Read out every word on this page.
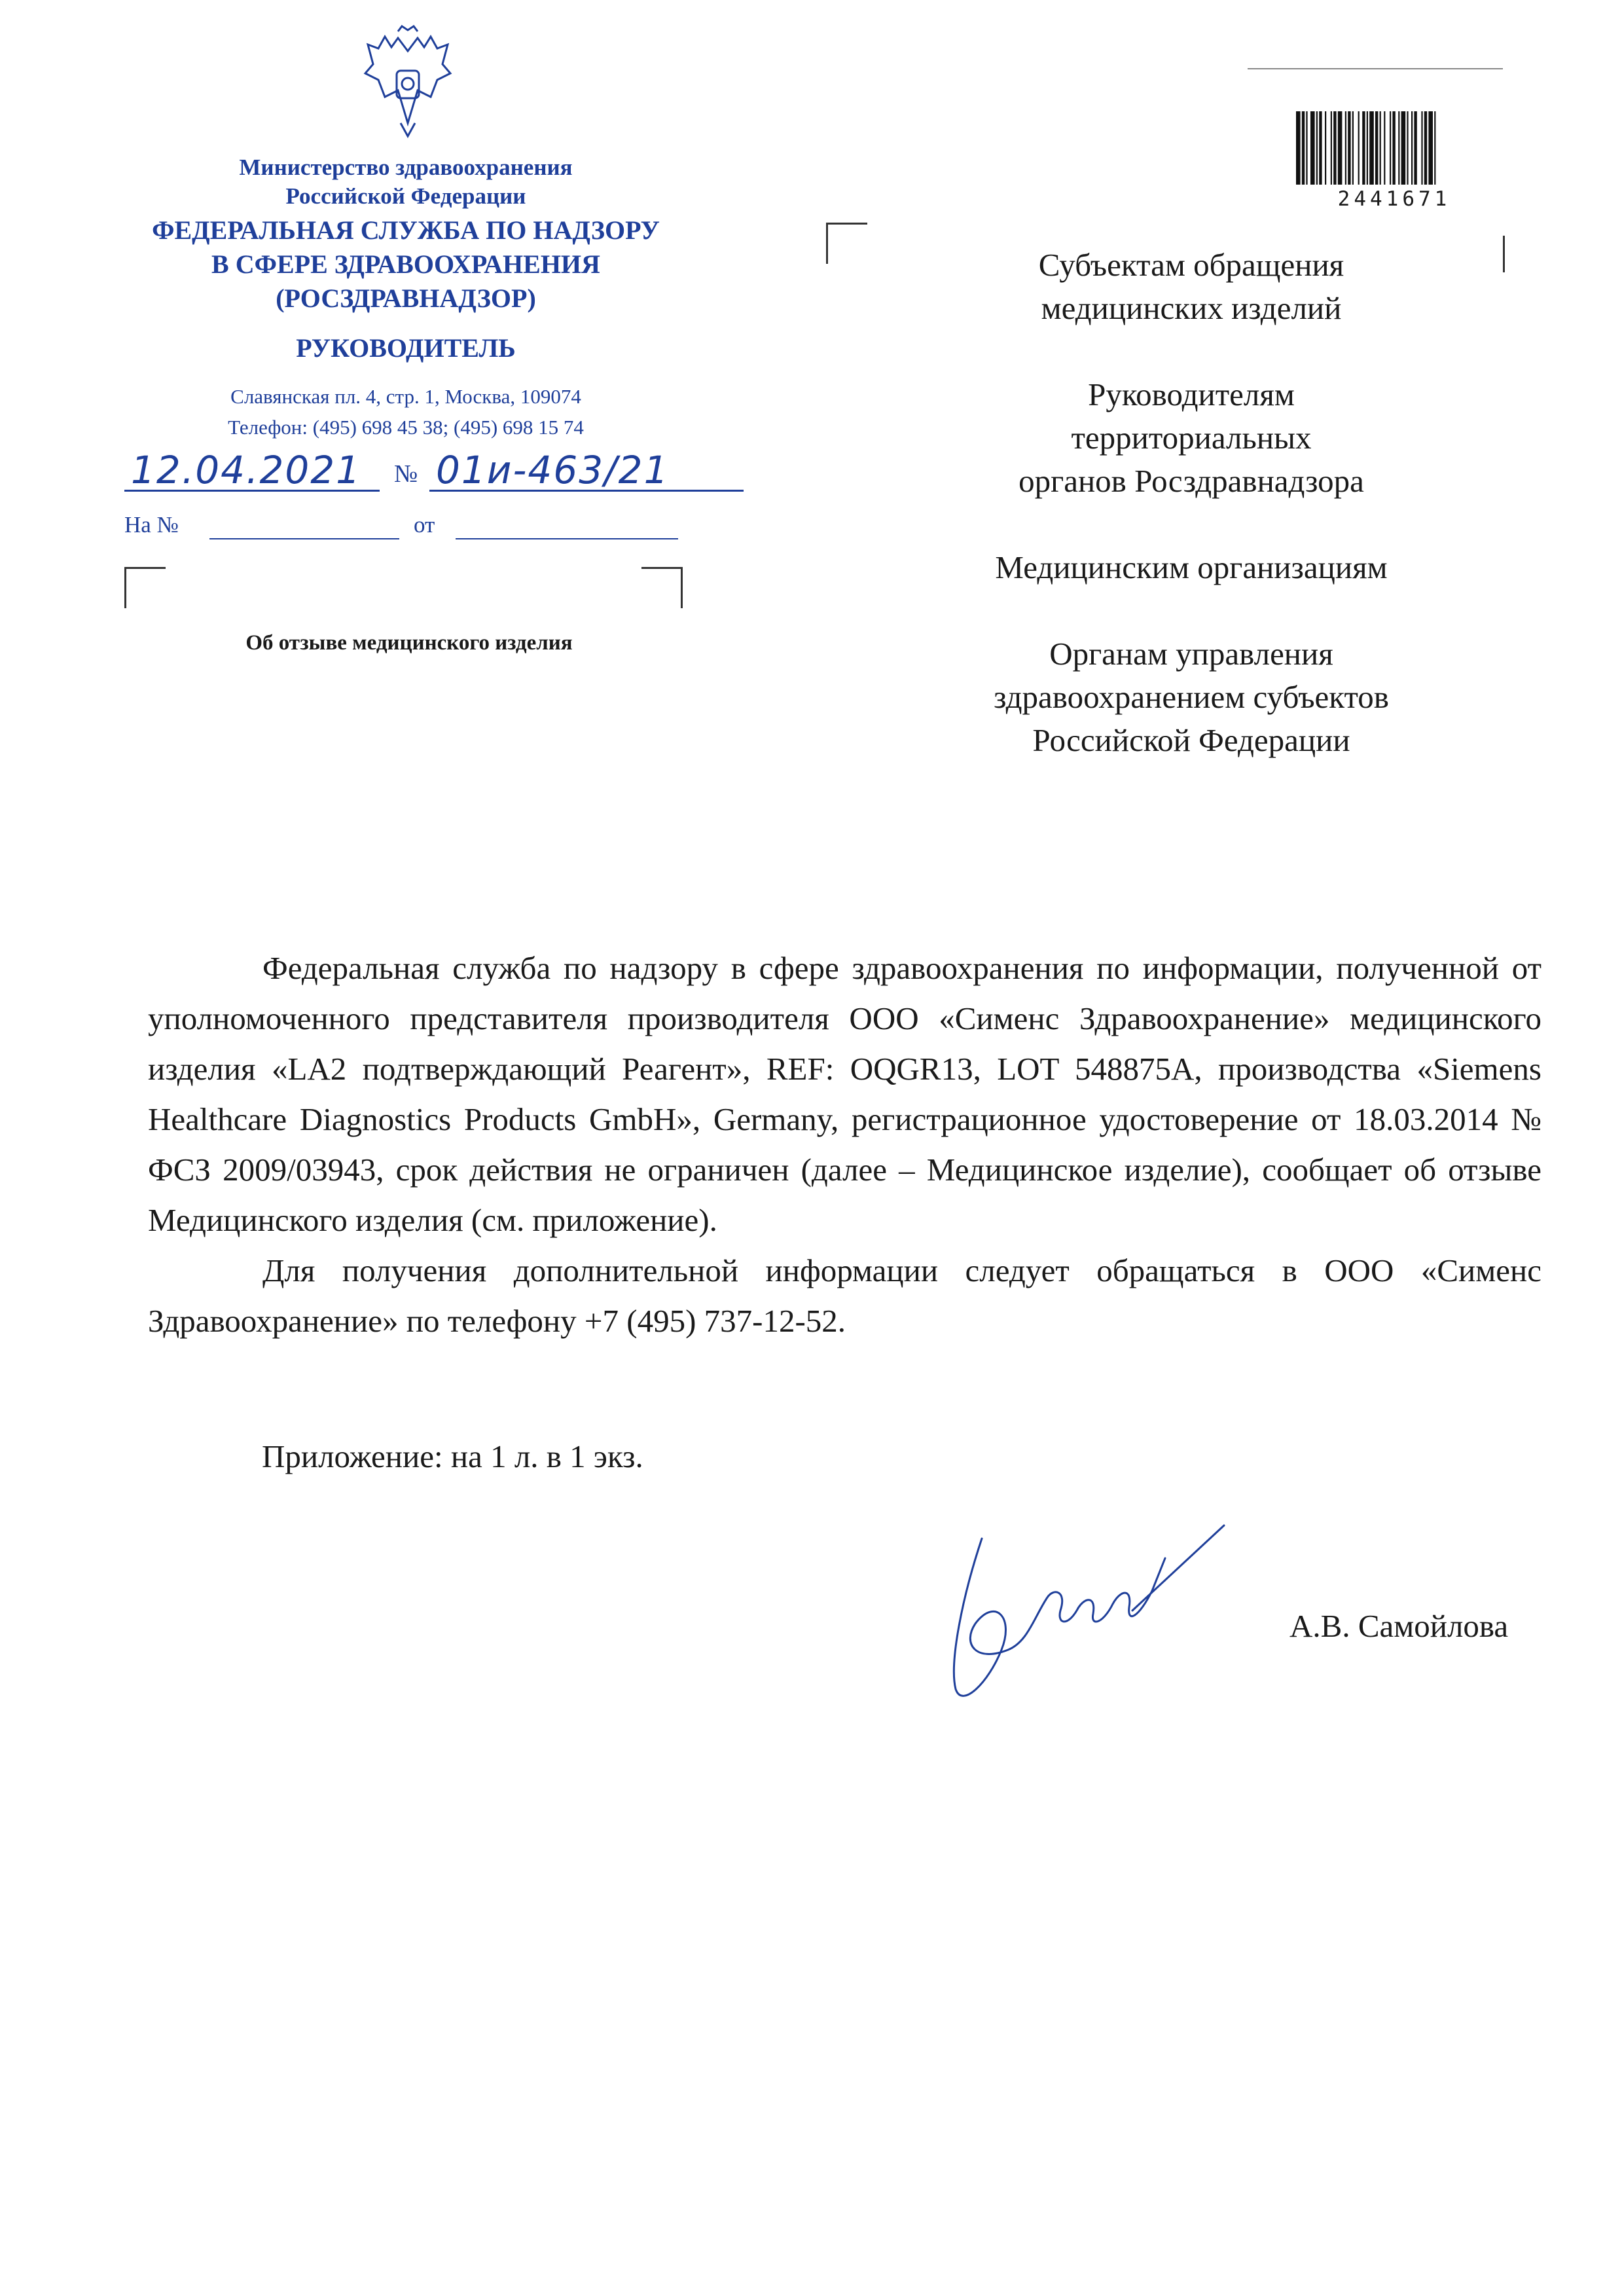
Министерство здравоохранения
Российской Федерации
ФЕДЕРАЛЬНАЯ СЛУЖБА ПО НАДЗОРУ
В СФЕРЕ ЗДРАВООХРАНЕНИЯ
(РОСЗДРАВНАДЗОР)
РУКОВОДИТЕЛЬ
Славянская пл. 4, стр. 1, Москва, 109074
Телефон: (495) 698 45 38; (495) 698 15 74
12.04.2021 № 01и-463/21
На №	от
Об отзыве медицинского изделия
2441671
Субъектам обращения
медицинских изделий
Руководителям
территориальных
органов Росздравнадзора
Медицинским организациям
Органам управления
здравоохранением субъектов
Российской Федерации

Федеральная служба по надзору в сфере здравоохранения по информации, полученной от уполномоченного представителя производителя ООО «Сименс Здравоохранение» медицинского изделия «LA2 подтверждающий Реагент», REF: OQGR13, LOT 548875A, производства «Siemens Healthcare Diagnostics Products GmbH», Germany, регистрационное удостоверение от 18.03.2014 № ФСЗ 2009/03943, срок действия не ограничен (далее – Медицинское изделие), сообщает об отзыве Медицинского изделия (см. приложение).

Для получения дополнительной информации следует обращаться в ООО «Сименс Здравоохранение» по телефону +7 (495) 737-12-52.

Приложение: на 1 л. в 1 экз.
А.В. Самойлова
